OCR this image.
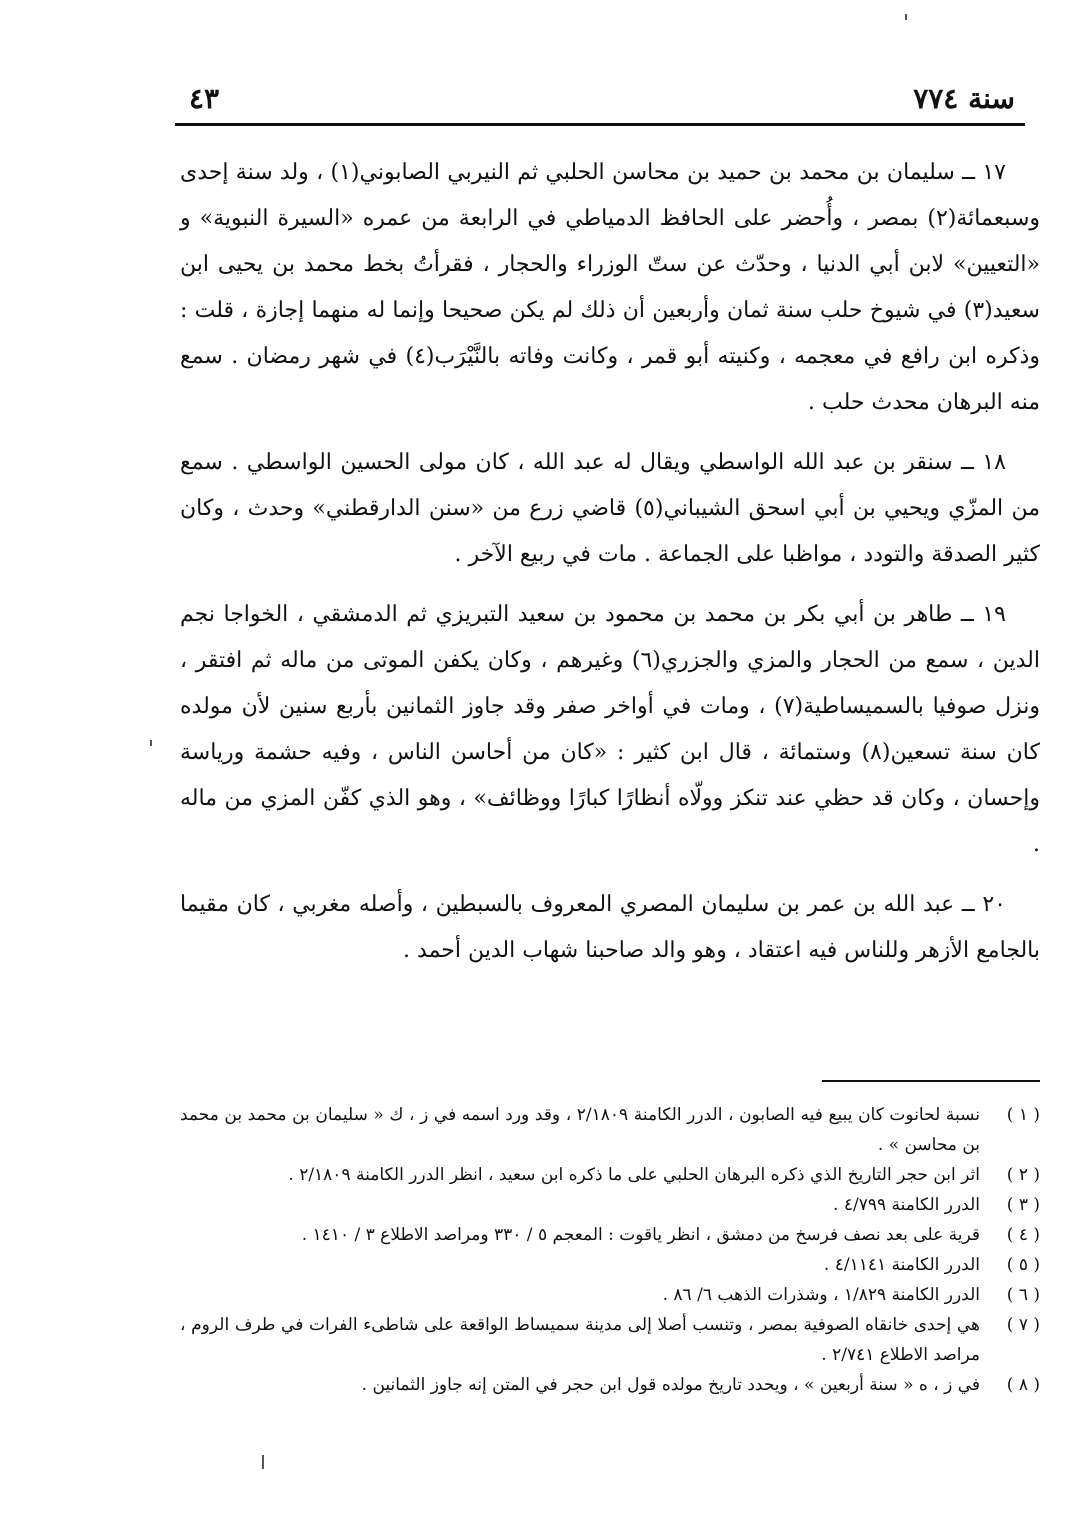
سنة ٧٧٤
٤٣

١٧ ــ سليمان بن محمد بن حميد بن محاسن الحلبي ثم النيربي الصابوني(١) ، ولد سنة إحدى وسبعمائة(٢) بمصر ، وأُحضر على الحافظ الدمياطي في الرابعة من عمره «السيرة النبوية» و «التعيين» لابن أبي الدنيا ، وحدّث عن ستّ الوزراء والحجار ، فقرأتُ بخط محمد بن يحيى ابن سعيد(٣) في شيوخ حلب سنة ثمان وأربعين أن ذلك لم يكن صحيحا وإنما له منهما إجازة ، قلت : وذكره ابن رافع في معجمه ، وكنيته أبو قمر ، وكانت وفاته بالنَّيْرَب(٤) في شهر رمضان . سمع منه البرهان محدث حلب .

١٨ ــ سنقر بن عبد الله الواسطي ويقال له عبد الله ، كان مولى الحسين الواسطي . سمع من المزّي ويحيي بن أبي اسحق الشيباني(٥) قاضي زرع من «سنن الدارقطني» وحدث ، وكان كثير الصدقة والتودد ، مواظبا على الجماعة . مات في ربيع الآخر .

١٩ ــ طاهر بن أبي بكر بن محمد بن محمود بن سعيد التبريزي ثم الدمشقي ، الخواجا نجم الدين ، سمع من الحجار والمزي والجزري(٦) وغيرهم ، وكان يكفن الموتى من ماله ثم افتقر ، ونزل صوفيا بالسميساطية(٧) ، ومات في أواخر صفر وقد جاوز الثمانين بأربع سنين لأن مولده كان سنة تسعين(٨) وستمائة ، قال ابن كثير : «كان من أحاسن الناس ، وفيه حشمة ورياسة وإحسان ، وكان قد حظي عند تنكز وولّاه أنظارًا كبارًا ووظائف» ، وهو الذي كفّن المزي من ماله .

٢٠ ــ عبد الله بن عمر بن سليمان المصري المعروف بالسبطين ، وأصله مغربي ، كان مقيما بالجامع الأزهر وللناس فيه اعتقاد ، وهو والد صاحبنا شهاب الدين أحمد .

( ١ )
نسبة لحانوت كان يبيع فيه الصابون ، الدرر الكامنة ٢/١٨٠٩ ، وقد ورد اسمه في ز ، ك « سليمان بن محمد بن محمد بن محاسن » .
( ٢ )
اثر ابن حجر التاريخ الذي ذكره البرهان الحلبي على ما ذكره ابن سعيد ، انظر الدرر الكامنة ٢/١٨٠٩ .
( ٣ )
الدرر الكامنة ٤/٧٩٩ .
( ٤ )
قرية على بعد نصف فرسخ من دمشق ، انظر ياقوت : المعجم ٥ / ٣٣٠ ومراصد الاطلاع ٣ / ١٤١٠ .
( ٥ )
الدرر الكامنة ٤/١١٤١ .
( ٦ )
الدرر الكامنة ١/٨٢٩ ، وشذرات الذهب ٦/ ٨٦ .
( ٧ )
هي إحدى خانقاه الصوفية بمصر ، وتنسب أصلا إلى مدينة سميساط الواقعة على شاطىء الفرات في طرف الروم ، مراصد الاطلاع ٢/٧٤١ .
( ٨ )
في ز ، ه « سنة أربعين » ، ويحدد تاريخ مولده قول ابن حجر في المتن إنه جاوز الثمانين .
